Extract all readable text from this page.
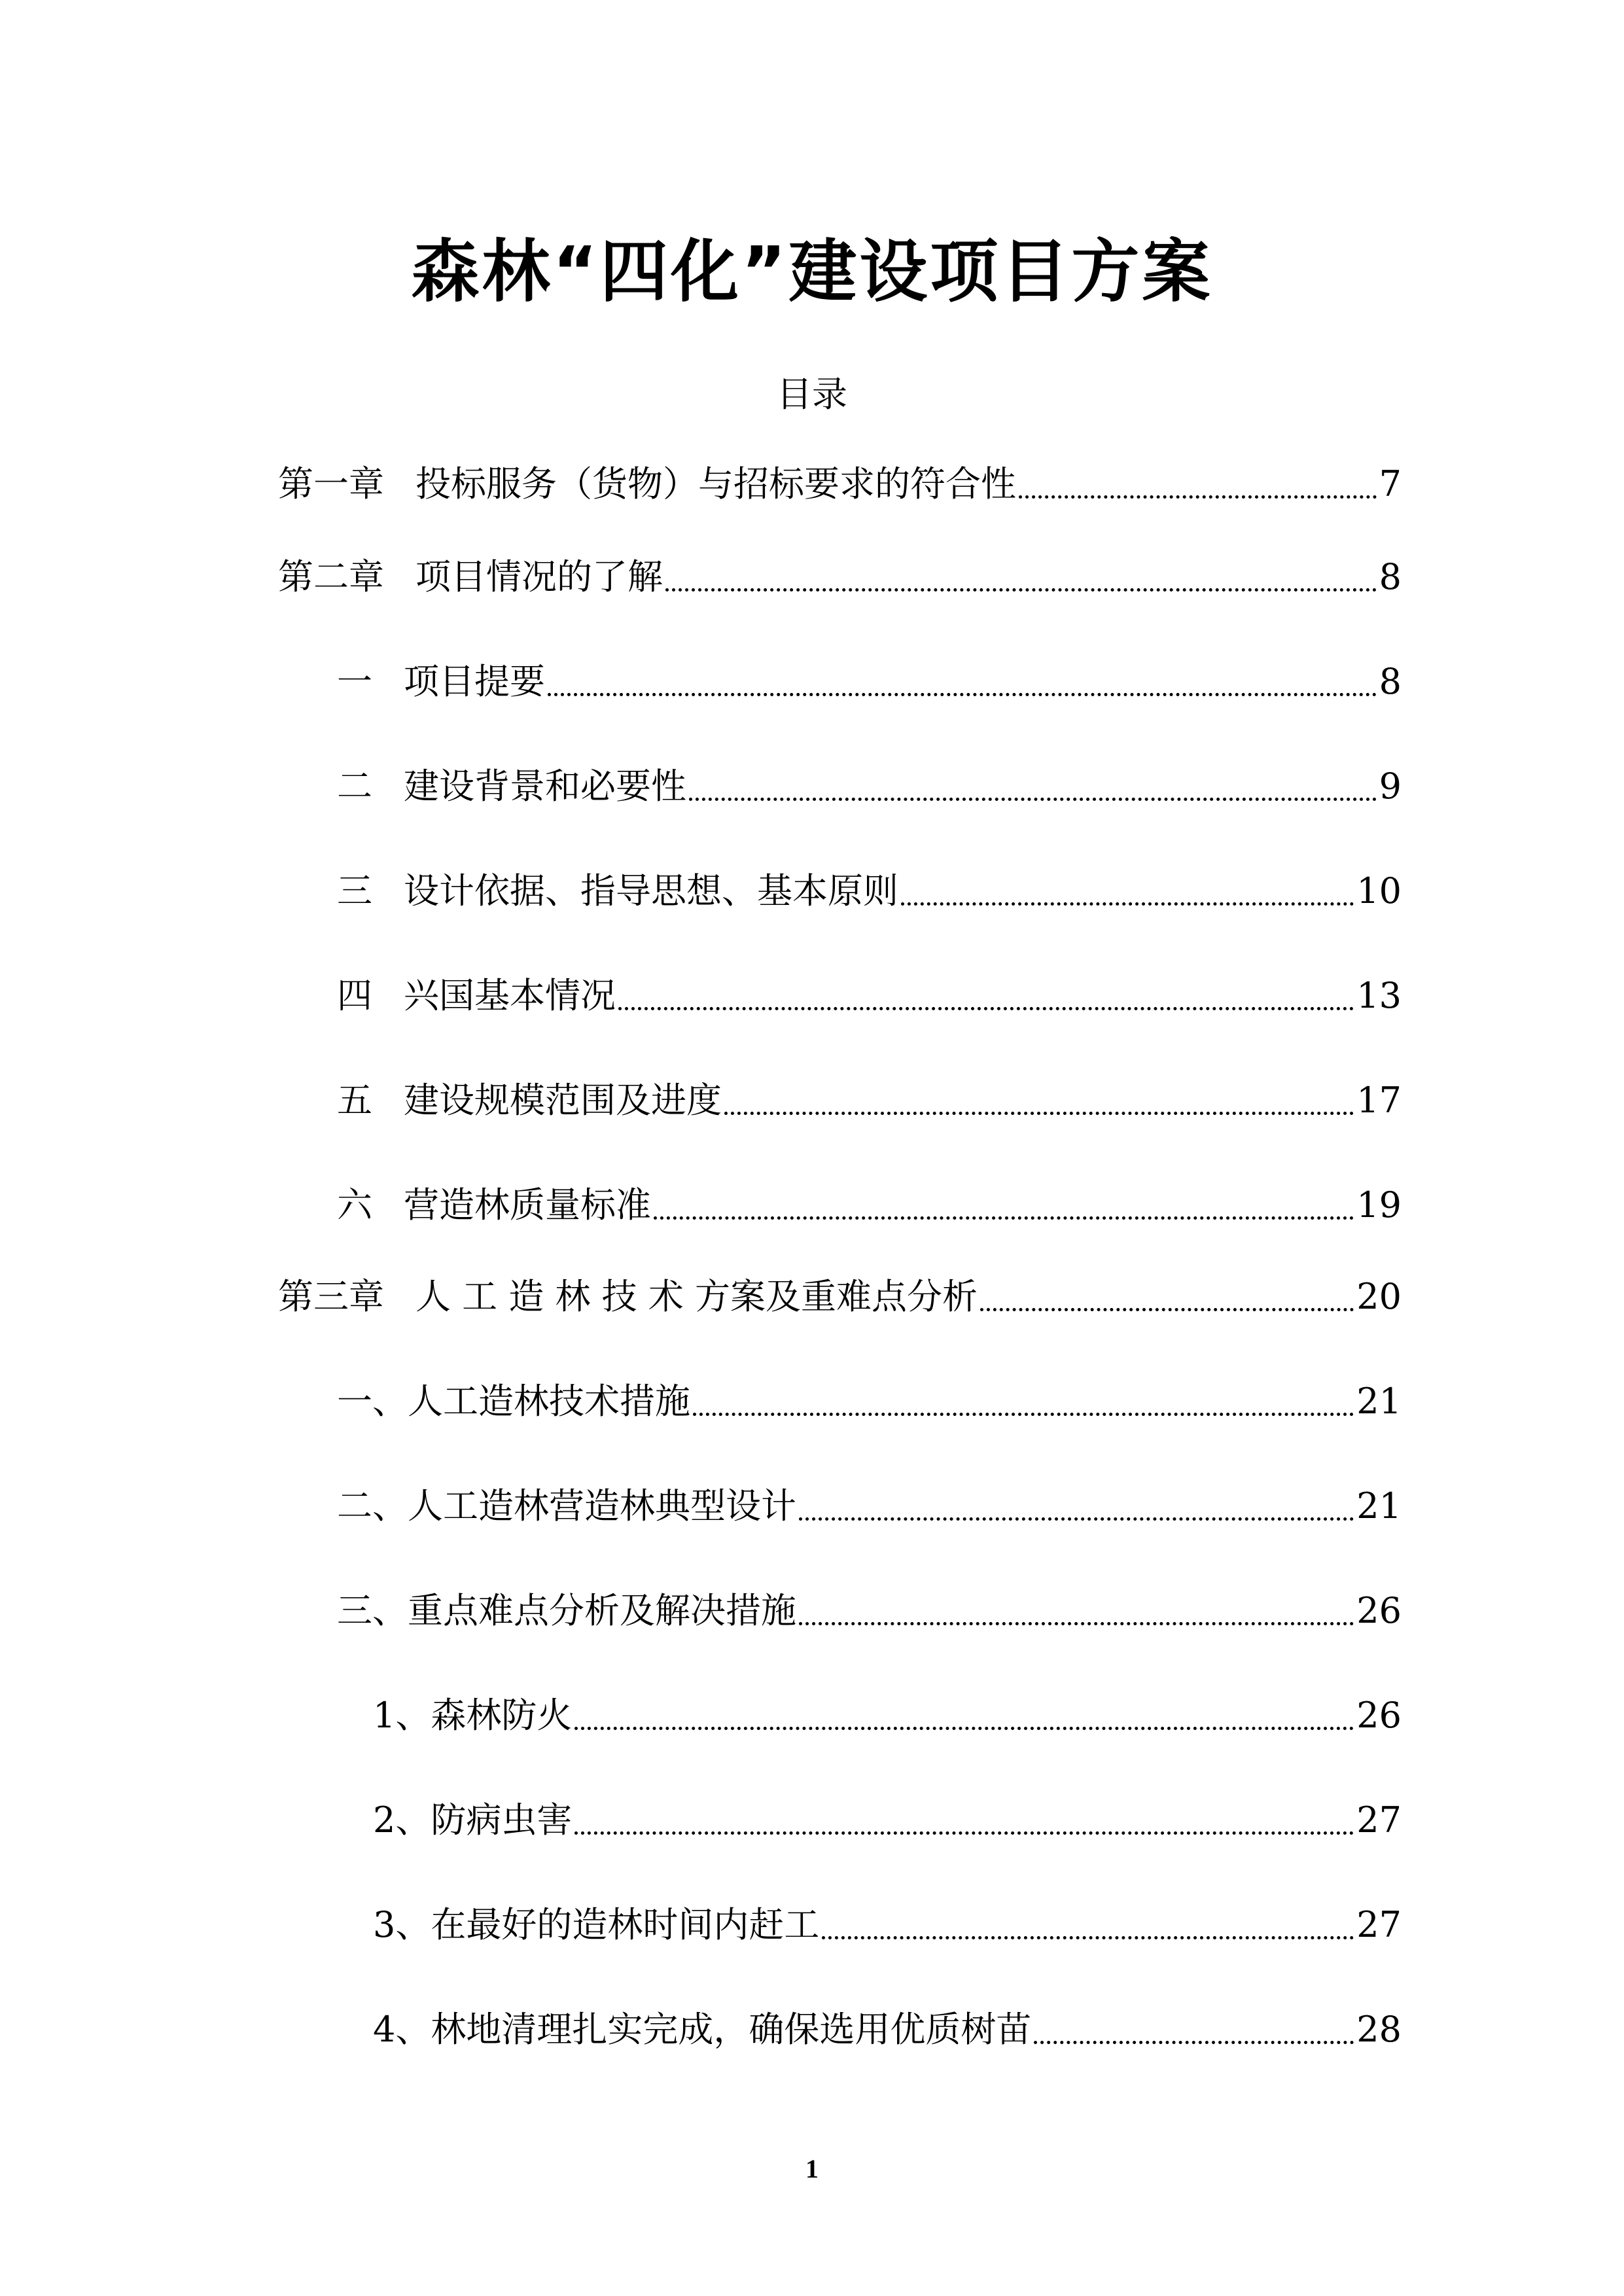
森林“四化”建设项目方案
目录
第一章 投标服务（货物）与招标要求的符合性	7
第二章 项目情况的了解	8
一 项目提要	8
二 建设背景和必要性	9
三 设计依据、指导思想、基本原则	10
四 兴国基本情况	13
五 建设规模范围及进度	17
六 营造林质量标准	19
第三章 人 工 造 林 技 术 方案及重难点分析	20
一、人工造林技术措施	21
二、人工造林营造林典型设计	21
三、重点难点分析及解决措施	26
1、森林防火	26
2、防病虫害	27
3、在最好的造林时间内赶工	27
4、林地清理扎实完成，确保选用优质树苗	28
1
